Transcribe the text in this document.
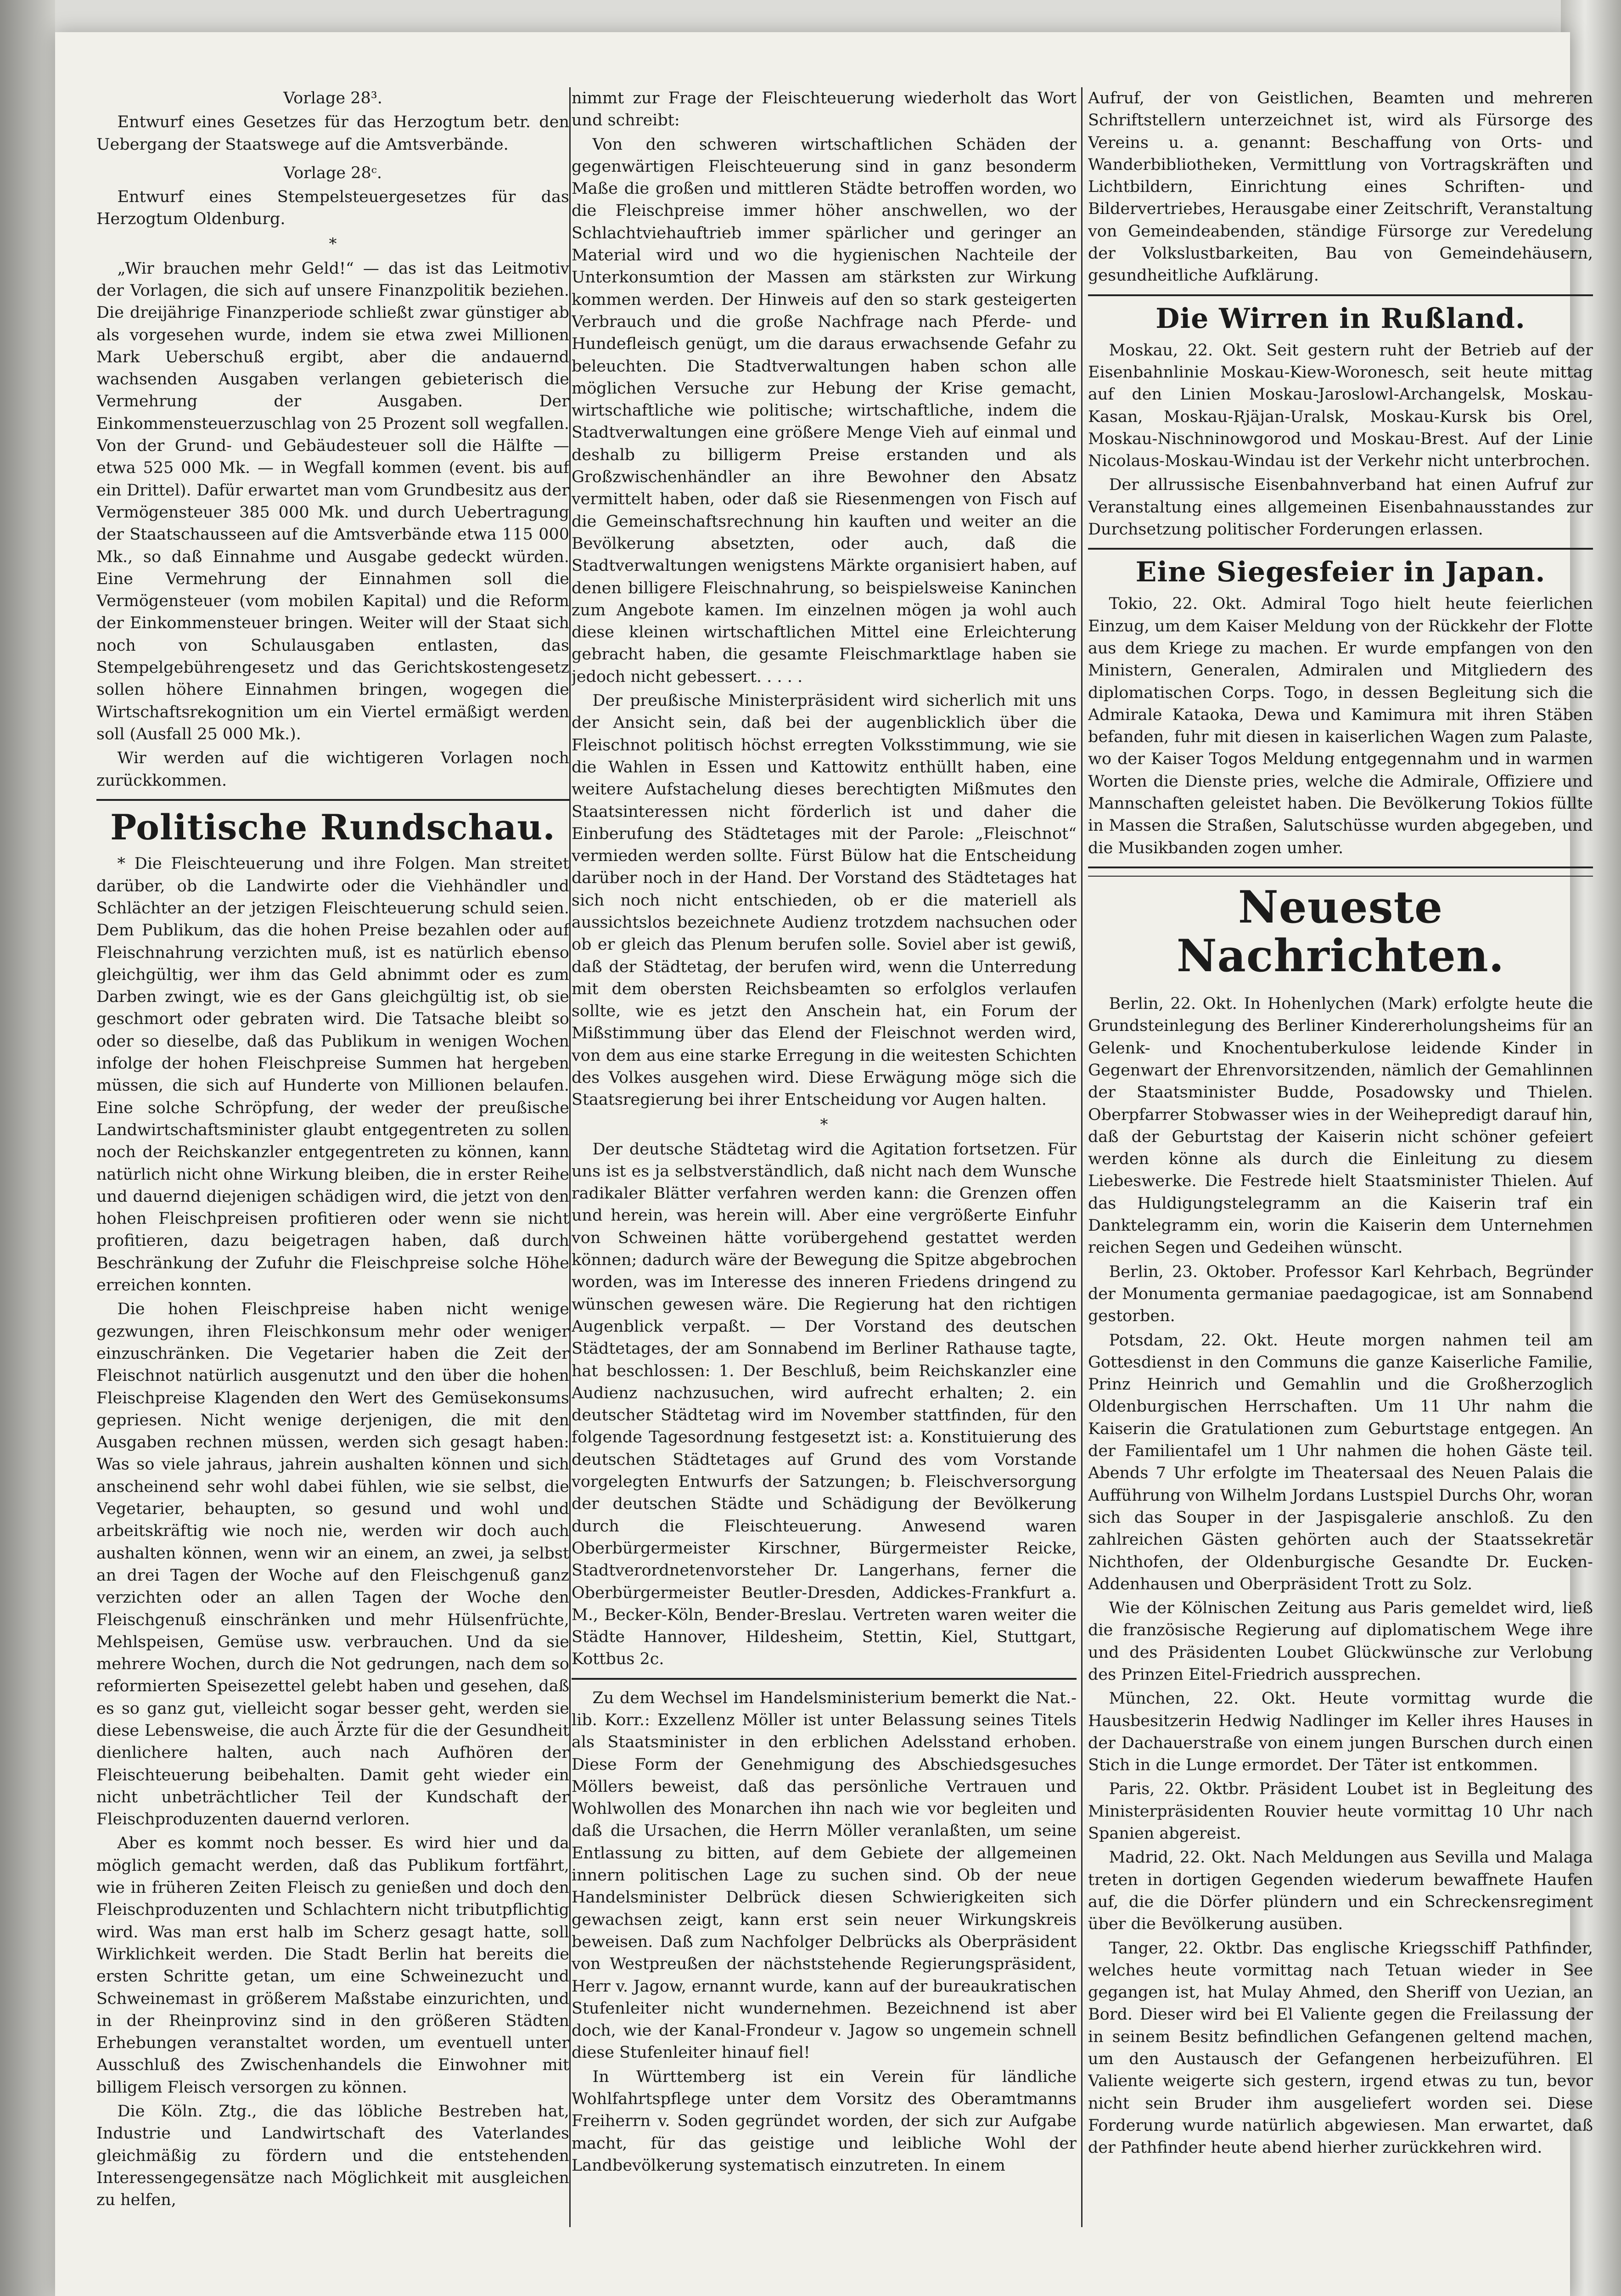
Vorlage 28³.

Entwurf eines Gesetzes für das Herzogtum betr. den Uebergang der Staatswege auf die Amtsverbände.

Vorlage 28ᶜ.

Entwurf eines Stempelsteuergesetzes für das Herzogtum Oldenburg.

*

„Wir brauchen mehr Geld!“ — das ist das Leitmotiv der Vorlagen, die sich auf unsere Finanzpolitik beziehen. Die dreijährige Finanzperiode schließt zwar günstiger ab als vorgesehen wurde, indem sie etwa zwei Millionen Mark Ueberschuß ergibt, aber die andauernd wachsenden Ausgaben verlangen gebieterisch die Vermehrung der Ausgaben. Der Einkommensteuerzuschlag von 25 Prozent soll wegfallen. Von der Grund- und Gebäudesteuer soll die Hälfte — etwa 525 000 Mk. — in Wegfall kommen (event. bis auf ein Drittel). Dafür erwartet man vom Grundbesitz aus der Vermögensteuer 385 000 Mk. und durch Uebertragung der Staatschausseen auf die Amtsverbände etwa 115 000 Mk., so daß Einnahme und Ausgabe gedeckt würden. Eine Vermehrung der Einnahmen soll die Vermögensteuer (vom mobilen Kapital) und die Reform der Einkommensteuer bringen. Weiter will der Staat sich noch von Schulausgaben entlasten, das Stempelgebührengesetz und das Gerichtskostengesetz sollen höhere Einnahmen bringen, wogegen die Wirtschaftsrekognition um ein Viertel ermäßigt werden soll (Ausfall 25 000 Mk.).

Wir werden auf die wichtigeren Vorlagen noch zurückkommen.

Politische Rundschau.

* Die Fleischteuerung und ihre Folgen. Man streitet darüber, ob die Landwirte oder die Viehhändler und Schlächter an der jetzigen Fleischteuerung schuld seien. Dem Publikum, das die hohen Preise bezahlen oder auf Fleischnahrung verzichten muß, ist es natürlich ebenso gleichgültig, wer ihm das Geld abnimmt oder es zum Darben zwingt, wie es der Gans gleichgültig ist, ob sie geschmort oder gebraten wird. Die Tatsache bleibt so oder so dieselbe, daß das Publikum in wenigen Wochen infolge der hohen Fleischpreise Summen hat hergeben müssen, die sich auf Hunderte von Millionen belaufen. Eine solche Schröpfung, der weder der preußische Landwirtschaftsminister glaubt entgegentreten zu sollen noch der Reichskanzler entgegentreten zu können, kann natürlich nicht ohne Wirkung bleiben, die in erster Reihe und dauernd diejenigen schädigen wird, die jetzt von den hohen Fleischpreisen profitieren oder wenn sie nicht profitieren, dazu beigetragen haben, daß durch Beschränkung der Zufuhr die Fleischpreise solche Höhe erreichen konnten.

Die hohen Fleischpreise haben nicht wenige gezwungen, ihren Fleischkonsum mehr oder weniger einzuschränken. Die Vegetarier haben die Zeit der Fleischnot natürlich ausgenutzt und den über die hohen Fleischpreise Klagenden den Wert des Gemüsekonsums gepriesen. Nicht wenige derjenigen, die mit den Ausgaben rechnen müssen, werden sich gesagt haben: Was so viele jahraus, jahrein aushalten können und sich anscheinend sehr wohl dabei fühlen, wie sie selbst, die Vegetarier, behaupten, so gesund und wohl und arbeitskräftig wie noch nie, werden wir doch auch aushalten können, wenn wir an einem, an zwei, ja selbst an drei Tagen der Woche auf den Fleischgenuß ganz verzichten oder an allen Tagen der Woche den Fleischgenuß einschränken und mehr Hülsenfrüchte, Mehlspeisen, Gemüse usw. verbrauchen. Und da sie mehrere Wochen, durch die Not gedrungen, nach dem so reformierten Speisezettel gelebt haben und gesehen, daß es so ganz gut, vielleicht sogar besser geht, werden sie diese Lebensweise, die auch Ärzte für die der Gesundheit dienlichere halten, auch nach Aufhören der Fleischteuerung beibehalten. Damit geht wieder ein nicht unbeträchtlicher Teil der Kundschaft der Fleischproduzenten dauernd verloren.

Aber es kommt noch besser. Es wird hier und da möglich gemacht werden, daß das Publikum fortfährt, wie in früheren Zeiten Fleisch zu genießen und doch den Fleischproduzenten und Schlachtern nicht tributpflichtig wird. Was man erst halb im Scherz gesagt hatte, soll Wirklichkeit werden. Die Stadt Berlin hat bereits die ersten Schritte getan, um eine Schweinezucht und Schweinemast in größerem Maßstabe einzurichten, und in der Rheinprovinz sind in den größeren Städten Erhebungen veranstaltet worden, um eventuell unter Ausschluß des Zwischenhandels die Einwohner mit billigem Fleisch versorgen zu können.

Die Köln. Ztg., die das löbliche Bestreben hat, Industrie und Landwirtschaft des Vaterlandes gleichmäßig zu fördern und die entstehenden Interessengegensätze nach Möglichkeit mit ausgleichen zu helfen,

nimmt zur Frage der Fleischteuerung wiederholt das Wort und schreibt:

Von den schweren wirtschaftlichen Schäden der gegenwärtigen Fleischteuerung sind in ganz besonderm Maße die großen und mittleren Städte betroffen worden, wo die Fleischpreise immer höher anschwellen, wo der Schlachtviehauftrieb immer spärlicher und geringer an Material wird und wo die hygienischen Nachteile der Unterkonsumtion der Massen am stärksten zur Wirkung kommen werden. Der Hinweis auf den so stark gesteigerten Verbrauch und die große Nachfrage nach Pferde- und Hundefleisch genügt, um die daraus erwachsende Gefahr zu beleuchten. Die Stadtverwaltungen haben schon alle möglichen Versuche zur Hebung der Krise gemacht, wirtschaftliche wie politische; wirtschaftliche, indem die Stadtverwaltungen eine größere Menge Vieh auf einmal und deshalb zu billigerm Preise erstanden und als Großzwischenhändler an ihre Bewohner den Absatz vermittelt haben, oder daß sie Riesenmengen von Fisch auf die Gemeinschaftsrechnung hin kauften und weiter an die Bevölkerung absetzten, oder auch, daß die Stadtverwaltungen wenigstens Märkte organisiert haben, auf denen billigere Fleischnahrung, so beispielsweise Kaninchen zum Angebote kamen. Im einzelnen mögen ja wohl auch diese kleinen wirtschaftlichen Mittel eine Erleichterung gebracht haben, die gesamte Fleischmarktlage haben sie jedoch nicht gebessert. . . . .

Der preußische Ministerpräsident wird sicherlich mit uns der Ansicht sein, daß bei der augenblicklich über die Fleischnot politisch höchst erregten Volksstimmung, wie sie die Wahlen in Essen und Kattowitz enthüllt haben, eine weitere Aufstachelung dieses berechtigten Mißmutes den Staatsinteressen nicht förderlich ist und daher die Einberufung des Städtetages mit der Parole: „Fleischnot“ vermieden werden sollte. Fürst Bülow hat die Entscheidung darüber noch in der Hand. Der Vorstand des Städtetages hat sich noch nicht entschieden, ob er die materiell als aussichtslos bezeichnete Audienz trotzdem nachsuchen oder ob er gleich das Plenum berufen solle. Soviel aber ist gewiß, daß der Städtetag, der berufen wird, wenn die Unterredung mit dem obersten Reichsbeamten so erfolglos verlaufen sollte, wie es jetzt den Anschein hat, ein Forum der Mißstimmung über das Elend der Fleischnot werden wird, von dem aus eine starke Erregung in die weitesten Schichten des Volkes ausgehen wird. Diese Erwägung möge sich die Staatsregierung bei ihrer Entscheidung vor Augen halten.

*

Der deutsche Städtetag wird die Agitation fortsetzen. Für uns ist es ja selbstverständlich, daß nicht nach dem Wunsche radikaler Blätter verfahren werden kann: die Grenzen offen und herein, was herein will. Aber eine vergrößerte Einfuhr von Schweinen hätte vorübergehend gestattet werden können; dadurch wäre der Bewegung die Spitze abgebrochen worden, was im Interesse des inneren Friedens dringend zu wünschen gewesen wäre. Die Regierung hat den richtigen Augenblick verpaßt. — Der Vorstand des deutschen Städtetages, der am Sonnabend im Berliner Rathause tagte, hat beschlossen: 1. Der Beschluß, beim Reichskanzler eine Audienz nachzusuchen, wird aufrecht erhalten; 2. ein deutscher Städtetag wird im November stattfinden, für den folgende Tagesordnung festgesetzt ist: a. Konstituierung des deutschen Städtetages auf Grund des vom Vorstande vorgelegten Entwurfs der Satzungen; b. Fleischversorgung der deutschen Städte und Schädigung der Bevölkerung durch die Fleischteuerung. Anwesend waren Oberbürgermeister Kirschner, Bürgermeister Reicke, Stadtverordnetenvorsteher Dr. Langerhans, ferner die Oberbürgermeister Beutler-Dresden, Addickes-Frankfurt a. M., Becker-Köln, Bender-Breslau. Vertreten waren weiter die Städte Hannover, Hildesheim, Stettin, Kiel, Stuttgart, Kottbus 2c.

Zu dem Wechsel im Handelsministerium bemerkt die Nat.-lib. Korr.: Exzellenz Möller ist unter Belassung seines Titels als Staatsminister in den erblichen Adelsstand erhoben. Diese Form der Genehmigung des Abschiedsgesuches Möllers beweist, daß das persönliche Vertrauen und Wohlwollen des Monarchen ihn nach wie vor begleiten und daß die Ursachen, die Herrn Möller veranlaßten, um seine Entlassung zu bitten, auf dem Gebiete der allgemeinen innern politischen Lage zu suchen sind. Ob der neue Handelsminister Delbrück diesen Schwierigkeiten sich gewachsen zeigt, kann erst sein neuer Wirkungskreis beweisen. Daß zum Nachfolger Delbrücks als Oberpräsident von Westpreußen der nächststehende Regierungspräsident, Herr v. Jagow, ernannt wurde, kann auf der bureaukratischen Stufenleiter nicht wundernehmen. Bezeichnend ist aber doch, wie der Kanal-Frondeur v. Jagow so ungemein schnell diese Stufenleiter hinauf fiel!

In Württemberg ist ein Verein für ländliche Wohlfahrtspflege unter dem Vorsitz des Oberamtmanns Freiherrn v. Soden gegründet worden, der sich zur Aufgabe macht, für das geistige und leibliche Wohl der Landbevölkerung systematisch einzutreten. In einem

Aufruf, der von Geistlichen, Beamten und mehreren Schriftstellern unterzeichnet ist, wird als Fürsorge des Vereins u. a. genannt: Beschaffung von Orts- und Wanderbibliotheken, Vermittlung von Vortragskräften und Lichtbildern, Einrichtung eines Schriften- und Bildervertriebes, Herausgabe einer Zeitschrift, Veranstaltung von Gemeindeabenden, ständige Fürsorge zur Veredelung der Volkslustbarkeiten, Bau von Gemeindehäusern, gesundheitliche Aufklärung.

Die Wirren in Rußland.

Moskau, 22. Okt. Seit gestern ruht der Betrieb auf der Eisenbahnlinie Moskau-Kiew-Woronesch, seit heute mittag auf den Linien Moskau-Jaroslowl-Archangelsk, Moskau-Kasan, Moskau-Rjäjan-Uralsk, Moskau-Kursk bis Orel, Moskau-Nischninowgorod und Moskau-Brest. Auf der Linie Nicolaus-Moskau-Windau ist der Verkehr nicht unterbrochen.

Der allrussische Eisenbahnverband hat einen Aufruf zur Veranstaltung eines allgemeinen Eisenbahnausstandes zur Durchsetzung politischer Forderungen erlassen.

Eine Siegesfeier in Japan.

Tokio, 22. Okt. Admiral Togo hielt heute feierlichen Einzug, um dem Kaiser Meldung von der Rückkehr der Flotte aus dem Kriege zu machen. Er wurde empfangen von den Ministern, Generalen, Admiralen und Mitgliedern des diplomatischen Corps. Togo, in dessen Begleitung sich die Admirale Kataoka, Dewa und Kamimura mit ihren Stäben befanden, fuhr mit diesen in kaiserlichen Wagen zum Palaste, wo der Kaiser Togos Meldung entgegennahm und in warmen Worten die Dienste pries, welche die Admirale, Offiziere und Mannschaften geleistet haben. Die Bevölkerung Tokios füllte in Massen die Straßen, Salutschüsse wurden abgegeben, und die Musikbanden zogen umher.

Neueste Nachrichten.

Berlin, 22. Okt. In Hohenlychen (Mark) erfolgte heute die Grundsteinlegung des Berliner Kindererholungsheims für an Gelenk- und Knochentuberkulose leidende Kinder in Gegenwart der Ehrenvorsitzenden, nämlich der Gemahlinnen der Staatsminister Budde, Posadowsky und Thielen. Oberpfarrer Stobwasser wies in der Weihepredigt darauf hin, daß der Geburtstag der Kaiserin nicht schöner gefeiert werden könne als durch die Einleitung zu diesem Liebeswerke. Die Festrede hielt Staatsminister Thielen. Auf das Huldigungstelegramm an die Kaiserin traf ein Danktelegramm ein, worin die Kaiserin dem Unternehmen reichen Segen und Gedeihen wünscht.

Berlin, 23. Oktober. Professor Karl Kehrbach, Begründer der Monumenta germaniae paedagogicae, ist am Sonnabend gestorben.

Potsdam, 22. Okt. Heute morgen nahmen teil am Gottesdienst in den Communs die ganze Kaiserliche Familie, Prinz Heinrich und Gemahlin und die Großherzoglich Oldenburgischen Herrschaften. Um 11 Uhr nahm die Kaiserin die Gratulationen zum Geburtstage entgegen. An der Familientafel um 1 Uhr nahmen die hohen Gäste teil. Abends 7 Uhr erfolgte im Theatersaal des Neuen Palais die Aufführung von Wilhelm Jordans Lustspiel Durchs Ohr, woran sich das Souper in der Jaspisgalerie anschloß. Zu den zahlreichen Gästen gehörten auch der Staatssekretär Nichthofen, der Oldenburgische Gesandte Dr. Eucken-Addenhausen und Oberpräsident Trott zu Solz.

Wie der Kölnischen Zeitung aus Paris gemeldet wird, ließ die französische Regierung auf diplomatischem Wege ihre und des Präsidenten Loubet Glückwünsche zur Verlobung des Prinzen Eitel-Friedrich aussprechen.

München, 22. Okt. Heute vormittag wurde die Hausbesitzerin Hedwig Nadlinger im Keller ihres Hauses in der Dachauerstraße von einem jungen Burschen durch einen Stich in die Lunge ermordet. Der Täter ist entkommen.

Paris, 22. Oktbr. Präsident Loubet ist in Begleitung des Ministerpräsidenten Rouvier heute vormittag 10 Uhr nach Spanien abgereist.

Madrid, 22. Okt. Nach Meldungen aus Sevilla und Malaga treten in dortigen Gegenden wiederum bewaffnete Haufen auf, die die Dörfer plündern und ein Schreckensregiment über die Bevölkerung ausüben.

Tanger, 22. Oktbr. Das englische Kriegsschiff Pathfinder, welches heute vormittag nach Tetuan wieder in See gegangen ist, hat Mulay Ahmed, den Sheriff von Uezian, an Bord. Dieser wird bei El Valiente gegen die Freilassung der in seinem Besitz befindlichen Gefangenen geltend machen, um den Austausch der Gefangenen herbeizuführen. El Valiente weigerte sich gestern, irgend etwas zu tun, bevor nicht sein Bruder ihm ausgeliefert worden sei. Diese Forderung wurde natürlich abgewiesen. Man erwartet, daß der Pathfinder heute abend hierher zurückkehren wird.
